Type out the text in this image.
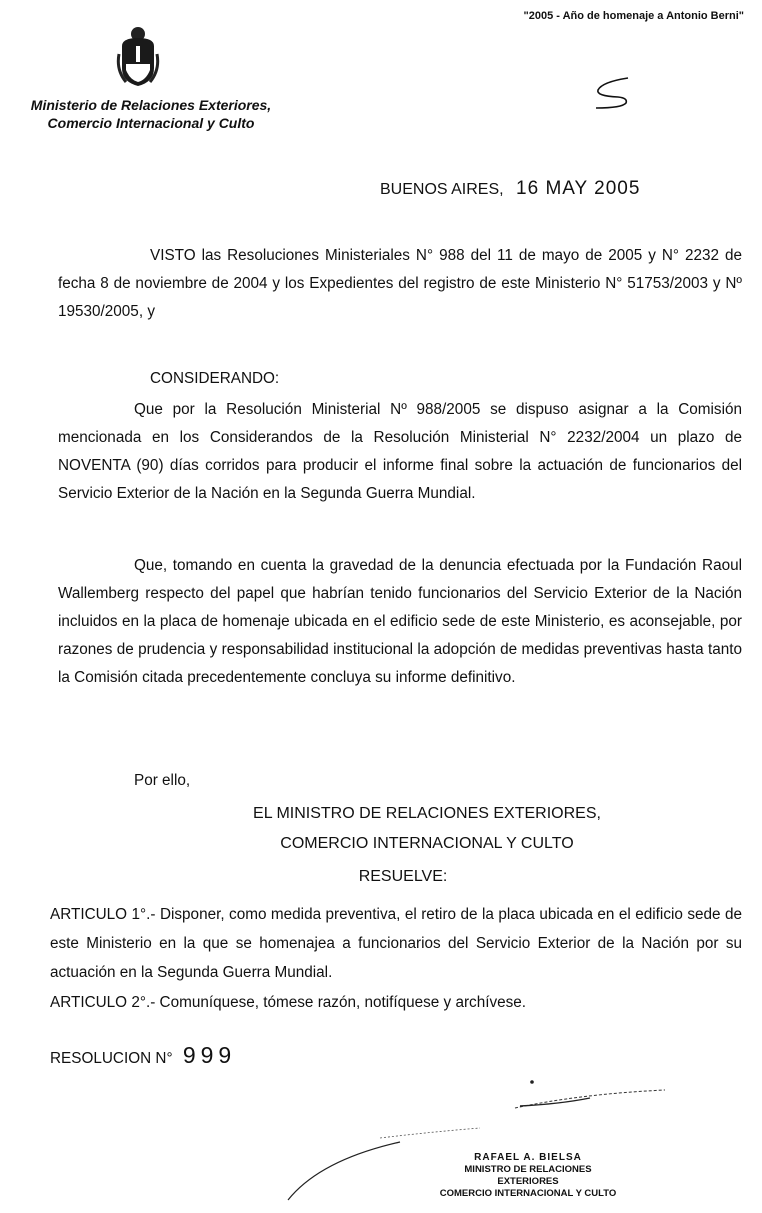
"2005 - Año de homenaje a Antonio Berni"
Ministerio de Relaciones Exteriores,
Comercio Internacional y Culto
BUENOS AIRES, 16 MAY 2005
VISTO las Resoluciones Ministeriales N° 988 del 11 de mayo de 2005 y N° 2232 de fecha 8 de noviembre de 2004 y los Expedientes del registro de este Ministerio N° 51753/2003 y Nº 19530/2005, y
CONSIDERANDO:
Que por la Resolución Ministerial Nº 988/2005 se dispuso asignar a la Comisión mencionada en los Considerandos de la Resolución Ministerial N° 2232/2004 un plazo de NOVENTA (90) días corridos para producir el informe final sobre la actuación de funcionarios del Servicio Exterior de la Nación en la Segunda Guerra Mundial.
Que, tomando en cuenta la gravedad de la denuncia efectuada por la Fundación Raoul Wallemberg respecto del papel que habrían tenido funcionarios del Servicio Exterior de la Nación incluidos en la placa de homenaje ubicada en el edificio sede de este Ministerio, es aconsejable, por razones de prudencia y responsabilidad institucional la adopción de medidas preventivas hasta tanto la Comisión citada precedentemente concluya su informe definitivo.
Por ello,
EL MINISTRO DE RELACIONES EXTERIORES,
COMERCIO INTERNACIONAL Y CULTO
RESUELVE:
ARTICULO 1°.- Disponer, como medida preventiva, el retiro de la placa ubicada en el edificio sede de este Ministerio en la que se homenajea a funcionarios del Servicio Exterior de la Nación por su actuación en la Segunda Guerra Mundial.
ARTICULO 2°.- Comuníquese, tómese razón, notifíquese y archívese.
RESOLUCION N° 999
RAFAEL A. BIELSA
MINISTRO DE RELACIONES EXTERIORES
COMERCIO INTERNACIONAL Y CULTO
